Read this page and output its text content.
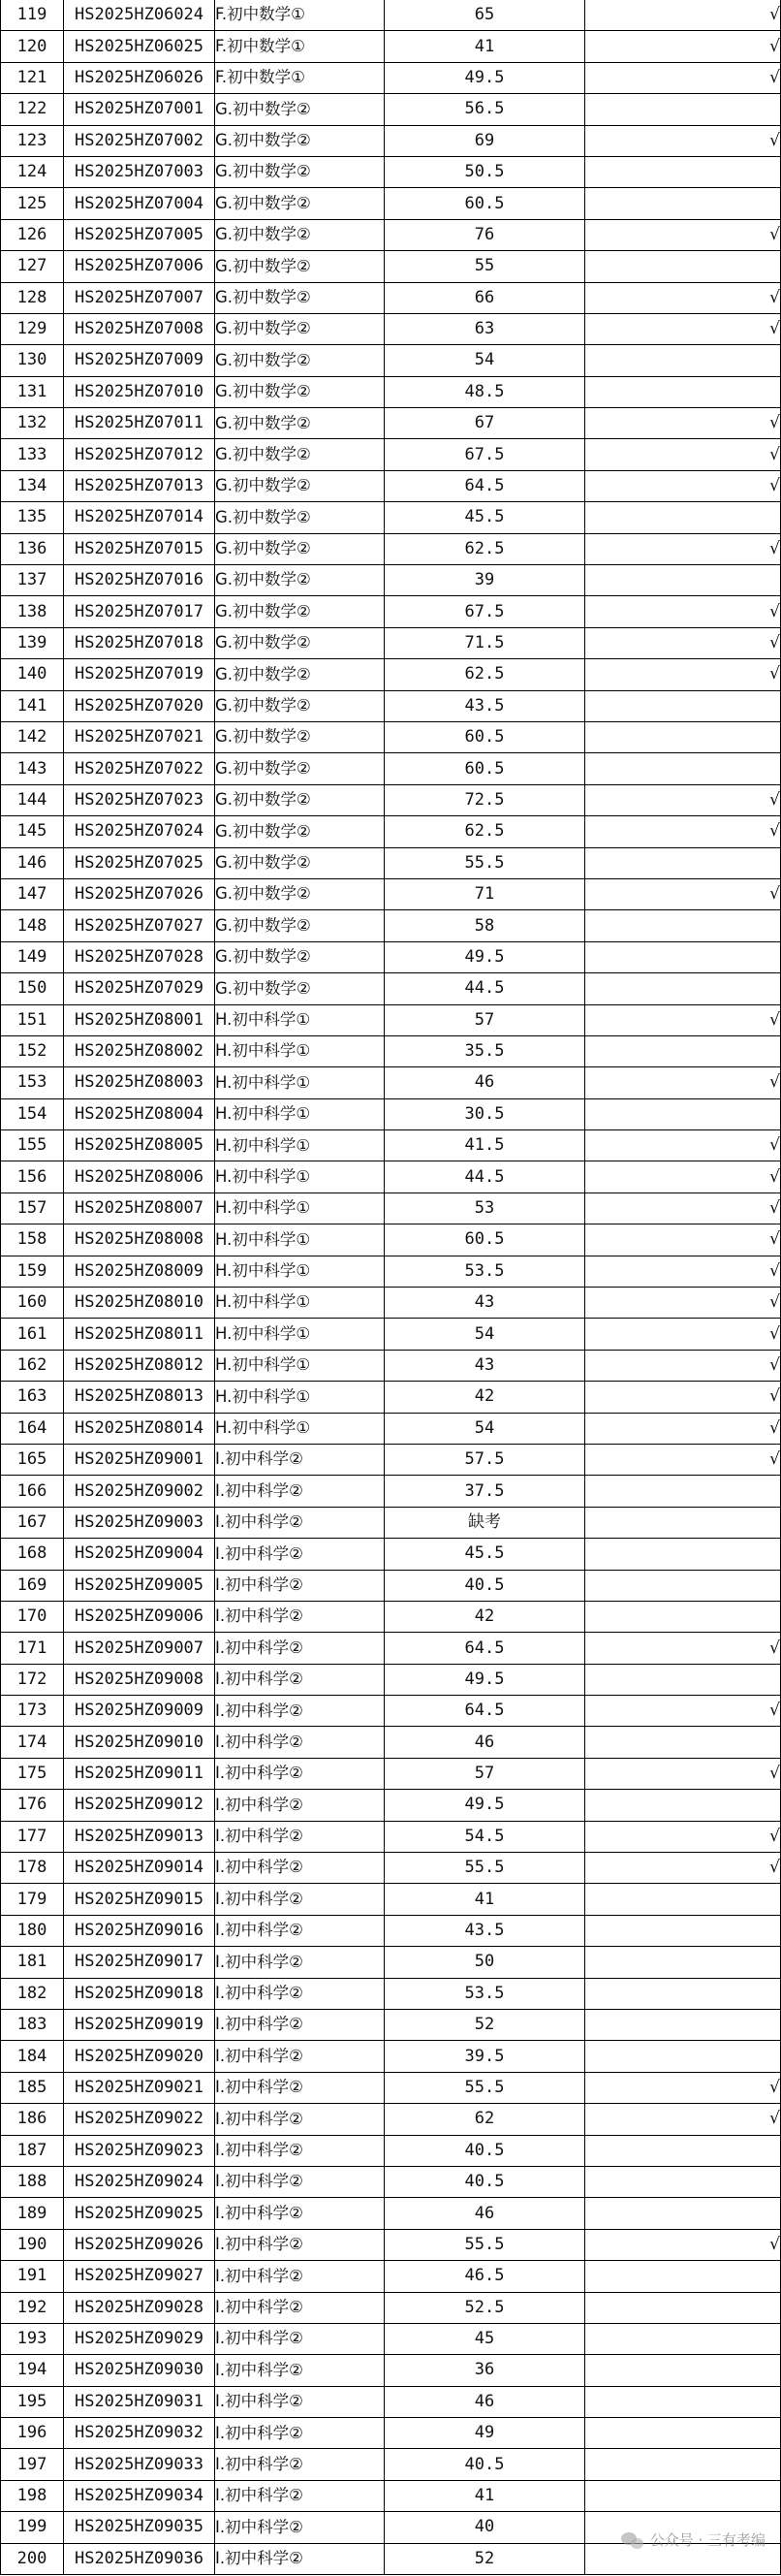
119	HS2025HZ06024	F.初中数学①	65	√
120	HS2025HZ06025	F.初中数学①	41	√
121	HS2025HZ06026	F.初中数学①	49.5	√
122	HS2025HZ07001	G.初中数学②	56.5	
123	HS2025HZ07002	G.初中数学②	69	√
124	HS2025HZ07003	G.初中数学②	50.5	
125	HS2025HZ07004	G.初中数学②	60.5	
126	HS2025HZ07005	G.初中数学②	76	√
127	HS2025HZ07006	G.初中数学②	55	
128	HS2025HZ07007	G.初中数学②	66	√
129	HS2025HZ07008	G.初中数学②	63	√
130	HS2025HZ07009	G.初中数学②	54	
131	HS2025HZ07010	G.初中数学②	48.5	
132	HS2025HZ07011	G.初中数学②	67	√
133	HS2025HZ07012	G.初中数学②	67.5	√
134	HS2025HZ07013	G.初中数学②	64.5	√
135	HS2025HZ07014	G.初中数学②	45.5	
136	HS2025HZ07015	G.初中数学②	62.5	√
137	HS2025HZ07016	G.初中数学②	39	
138	HS2025HZ07017	G.初中数学②	67.5	√
139	HS2025HZ07018	G.初中数学②	71.5	√
140	HS2025HZ07019	G.初中数学②	62.5	√
141	HS2025HZ07020	G.初中数学②	43.5	
142	HS2025HZ07021	G.初中数学②	60.5	
143	HS2025HZ07022	G.初中数学②	60.5	
144	HS2025HZ07023	G.初中数学②	72.5	√
145	HS2025HZ07024	G.初中数学②	62.5	√
146	HS2025HZ07025	G.初中数学②	55.5	
147	HS2025HZ07026	G.初中数学②	71	√
148	HS2025HZ07027	G.初中数学②	58	
149	HS2025HZ07028	G.初中数学②	49.5	
150	HS2025HZ07029	G.初中数学②	44.5	
151	HS2025HZ08001	H.初中科学①	57	√
152	HS2025HZ08002	H.初中科学①	35.5	
153	HS2025HZ08003	H.初中科学①	46	√
154	HS2025HZ08004	H.初中科学①	30.5	
155	HS2025HZ08005	H.初中科学①	41.5	√
156	HS2025HZ08006	H.初中科学①	44.5	√
157	HS2025HZ08007	H.初中科学①	53	√
158	HS2025HZ08008	H.初中科学①	60.5	√
159	HS2025HZ08009	H.初中科学①	53.5	√
160	HS2025HZ08010	H.初中科学①	43	√
161	HS2025HZ08011	H.初中科学①	54	√
162	HS2025HZ08012	H.初中科学①	43	√
163	HS2025HZ08013	H.初中科学①	42	√
164	HS2025HZ08014	H.初中科学①	54	√
165	HS2025HZ09001	I.初中科学②	57.5	√
166	HS2025HZ09002	I.初中科学②	37.5	
167	HS2025HZ09003	I.初中科学②	缺考	
168	HS2025HZ09004	I.初中科学②	45.5	
169	HS2025HZ09005	I.初中科学②	40.5	
170	HS2025HZ09006	I.初中科学②	42	
171	HS2025HZ09007	I.初中科学②	64.5	√
172	HS2025HZ09008	I.初中科学②	49.5	
173	HS2025HZ09009	I.初中科学②	64.5	√
174	HS2025HZ09010	I.初中科学②	46	
175	HS2025HZ09011	I.初中科学②	57	√
176	HS2025HZ09012	I.初中科学②	49.5	
177	HS2025HZ09013	I.初中科学②	54.5	√
178	HS2025HZ09014	I.初中科学②	55.5	√
179	HS2025HZ09015	I.初中科学②	41	
180	HS2025HZ09016	I.初中科学②	43.5	
181	HS2025HZ09017	I.初中科学②	50	
182	HS2025HZ09018	I.初中科学②	53.5	
183	HS2025HZ09019	I.初中科学②	52	
184	HS2025HZ09020	I.初中科学②	39.5	
185	HS2025HZ09021	I.初中科学②	55.5	√
186	HS2025HZ09022	I.初中科学②	62	√
187	HS2025HZ09023	I.初中科学②	40.5	
188	HS2025HZ09024	I.初中科学②	40.5	
189	HS2025HZ09025	I.初中科学②	46	
190	HS2025HZ09026	I.初中科学②	55.5	√
191	HS2025HZ09027	I.初中科学②	46.5	
192	HS2025HZ09028	I.初中科学②	52.5	
193	HS2025HZ09029	I.初中科学②	45	
194	HS2025HZ09030	I.初中科学②	36	
195	HS2025HZ09031	I.初中科学②	46	
196	HS2025HZ09032	I.初中科学②	49	
197	HS2025HZ09033	I.初中科学②	40.5	
198	HS2025HZ09034	I.初中科学②	41	
199	HS2025HZ09035	I.初中科学②	40	
200	HS2025HZ09036	I.初中科学②	52	
公众号 · 三有考编
